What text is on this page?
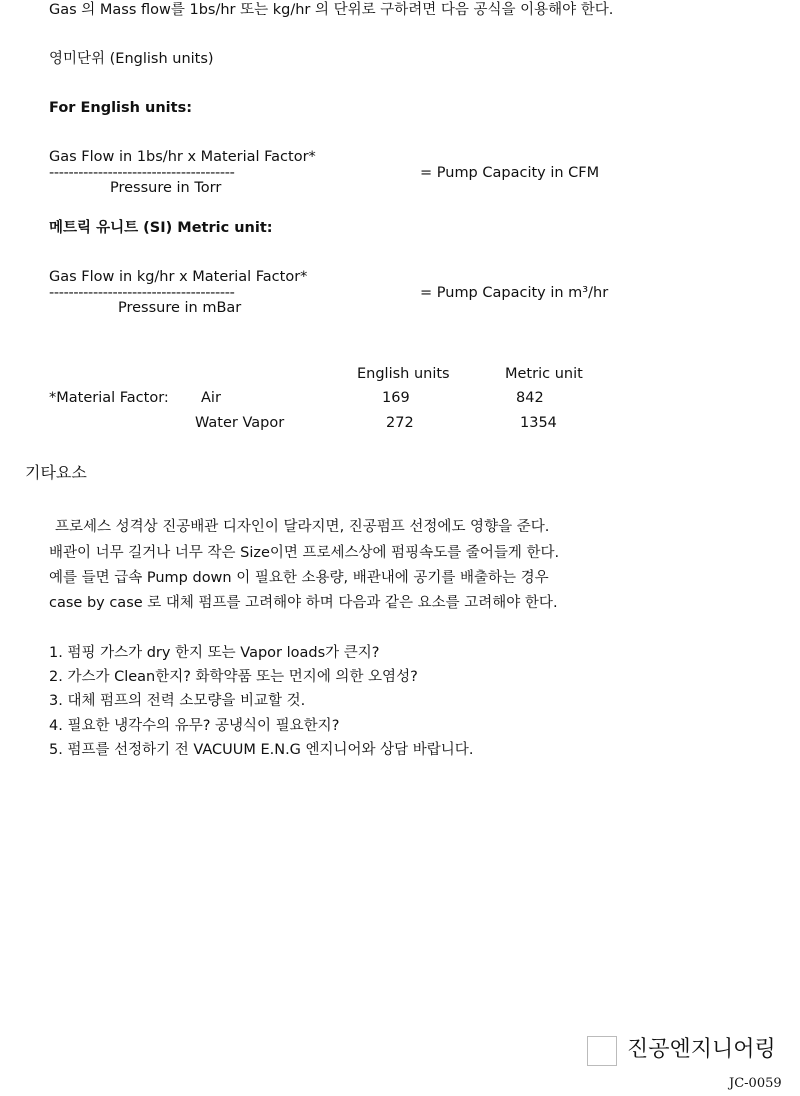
Gas 의 Mass flow를 1bs/hr 또는 kg/hr 의 단위로 구하려면 다음 공식을 이용해야 한다.
영미단위 (English units)
For English units:
Gas Flow in 1bs/hr x Material Factor*
--------------------------------------	= Pump Capacity in CFM
Pressure in Torr
메트릭 유니트 (SI) Metric unit:
Gas Flow in kg/hr x Material Factor*
--------------------------------------	= Pump Capacity in m³/hr
Pressure in mBar
English units	Metric unit
*Material Factor: Air	169	842
Water Vapor	272	1354
기타요소
프로세스 성격상 진공배관 디자인이 달라지면, 진공펌프 선정에도 영향을 준다.
배관이 너무 길거나 너무 작은 Size이면 프로세스상에 펌핑속도를 줄어들게 한다.
예를 들면 급속 Pump down 이 필요한 소용량, 배관내에 공기를 배출하는 경우
case by case 로 대체 펌프를 고려해야 하며 다음과 같은 요소를 고려해야 한다.
1. 펌핑 가스가 dry 한지 또는 Vapor loads가 큰지?
2. 가스가 Clean한지? 화학약품 또는 먼지에 의한 오염성?
3. 대체 펌프의 전력 소모량을 비교할 것.
4. 필요한 냉각수의 유무? 공냉식이 필요한지?
5. 펌프를 선정하기 전 VACUUM E.N.G 엔지니어와 상담 바랍니다.
진공엔지니어링
JC-0059
